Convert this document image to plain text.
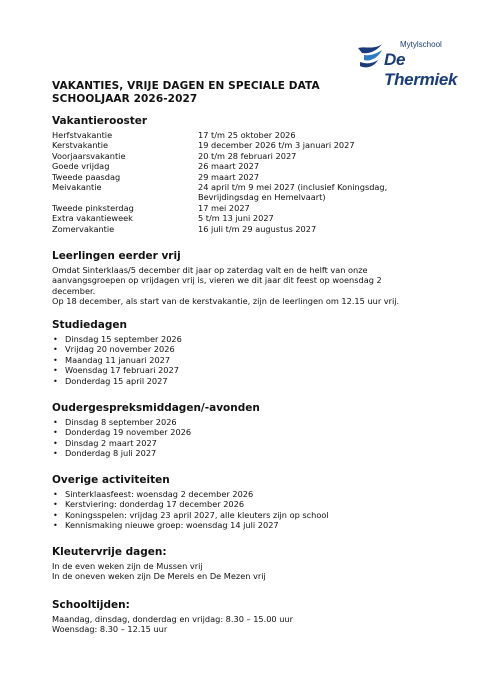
Mytylschool
De Thermiek
VAKANTIES, VRIJE DAGEN EN SPECIALE DATA
SCHOOLJAAR 2026-2027
Vakantierooster
Herfstvakantie	17 t/m 25 oktober 2026
Kerstvakantie	19 december 2026 t/m 3 januari 2027
Voorjaarsvakantie	20 t/m 28 februari 2027
Goede vrijdag	26 maart 2027
Tweede paasdag	29 maart 2027
Meivakantie	24 april t/m 9 mei 2027 (inclusief Koningsdag, Bevrijdingsdag en Hemelvaart)
Tweede pinksterdag	17 mei 2027
Extra vakantieweek	5 t/m 13 juni 2027
Zomervakantie	16 juli t/m 29 augustus 2027
Leerlingen eerder vrij

Omdat Sinterklaas/5 december dit jaar op zaterdag valt en de helft van onze aanvangsgroepen op vrijdagen vrij is, vieren we dit jaar dit feest op woensdag 2 december.

Op 18 december, als start van de kerstvakantie, zijn de leerlingen om 12.15 uur vrij.

Studiedagen
• Dinsdag 15 september 2026
• Vrijdag 20 november 2026
• Maandag 11 januari 2027
• Woensdag 17 februari 2027
• Donderdag 15 april 2027
Oudergespreksmiddagen/-avonden
• Dinsdag 8 september 2026
• Donderdag 19 november 2026
• Dinsdag 2 maart 2027
• Donderdag 8 juli 2027
Overige activiteiten
• Sinterklaasfeest: woensdag 2 december 2026
• Kerstviering: donderdag 17 december 2026
• Koningsspelen: vrijdag 23 april 2027, alle kleuters zijn op school
• Kennismaking nieuwe groep: woensdag 14 juli 2027
Kleutervrije dagen:

In de even weken zijn de Mussen vrij

In de oneven weken zijn De Merels en De Mezen vrij

Schooltijden:

Maandag, dinsdag, donderdag en vrijdag: 8.30 – 15.00 uur

Woensdag: 8.30 – 12.15 uur
